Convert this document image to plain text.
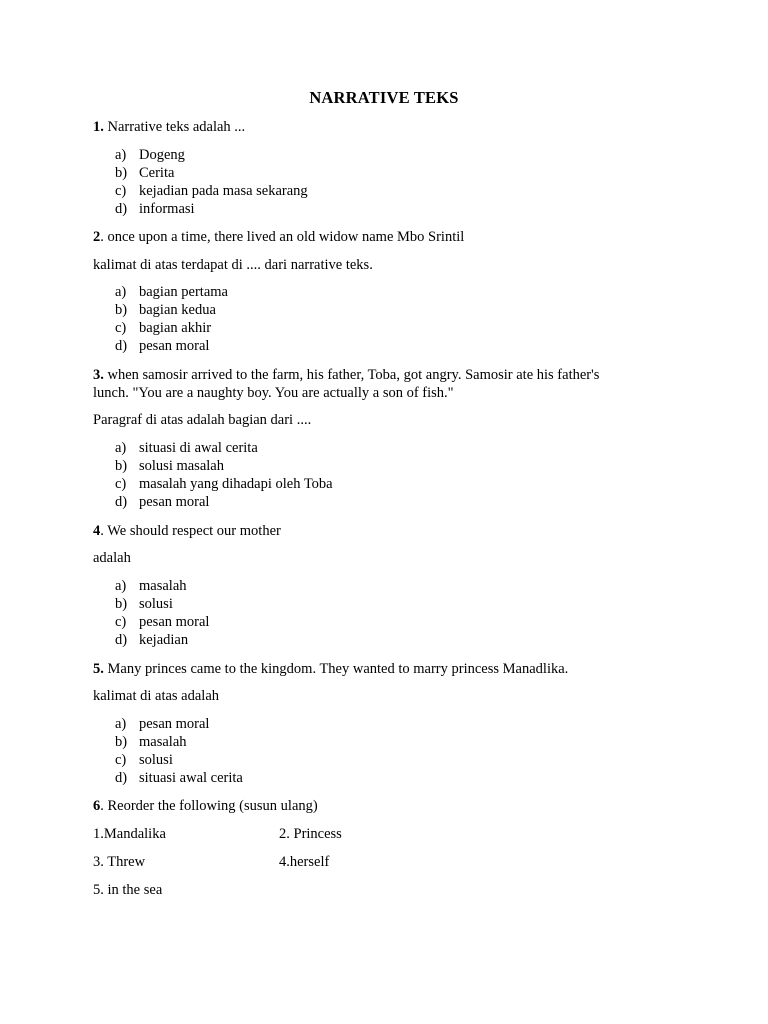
NARRATIVE TEKS
1. Narrative teks adalah ...
a) Dogeng
b) Cerita
c) kejadian pada masa sekarang
d) informasi
2. once upon a time, there lived an old widow name Mbo Srintil
kalimat di atas terdapat di .... dari narrative teks.
a) bagian pertama
b) bagian kedua
c) bagian akhir
d) pesan moral
3. when samosir arrived to the farm, his father, Toba, got angry. Samosir ate his father's
lunch. "You are a naughty boy. You are actually a son of fish."
Paragraf di atas adalah bagian dari ....
a) situasi di awal cerita
b) solusi masalah
c) masalah yang dihadapi oleh Toba
d) pesan moral
4. We should respect our mother
adalah
a) masalah
b) solusi
c) pesan moral
d) kejadian
5. Many princes came to the kingdom. They wanted to marry princess Manadlika.
kalimat di atas adalah
a) pesan moral
b) masalah
c) solusi
d) situasi awal cerita
6. Reorder the following (susun ulang)
1.Mandalika	2. Princess
3. Threw	4.herself
5. in the sea
